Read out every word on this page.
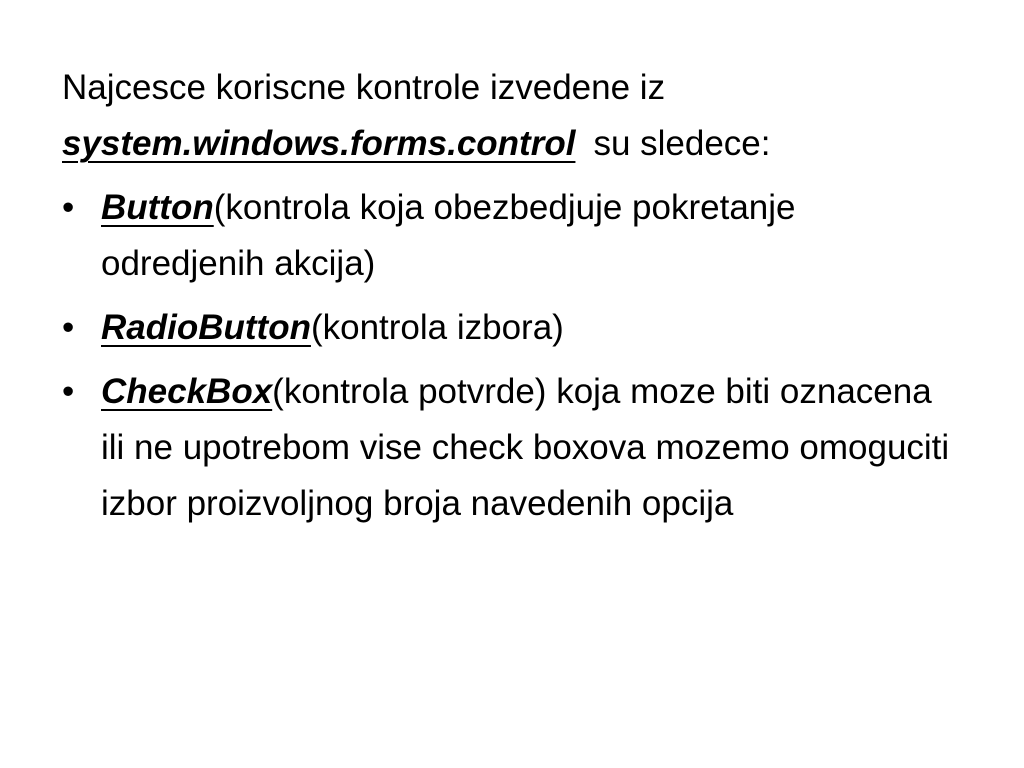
Najcesce koriscne kontrole izvedene iz
system.windows.forms.control su sledece:

• Button(kontrola koja obezbedjuje pokretanje odredjenih akcija)
• RadioButton(kontrola izbora)
• CheckBox(kontrola potvrde) koja moze biti oznacena ili ne upotrebom vise check boxova mozemo omoguciti izbor proizvoljnog broja navedenih opcija
